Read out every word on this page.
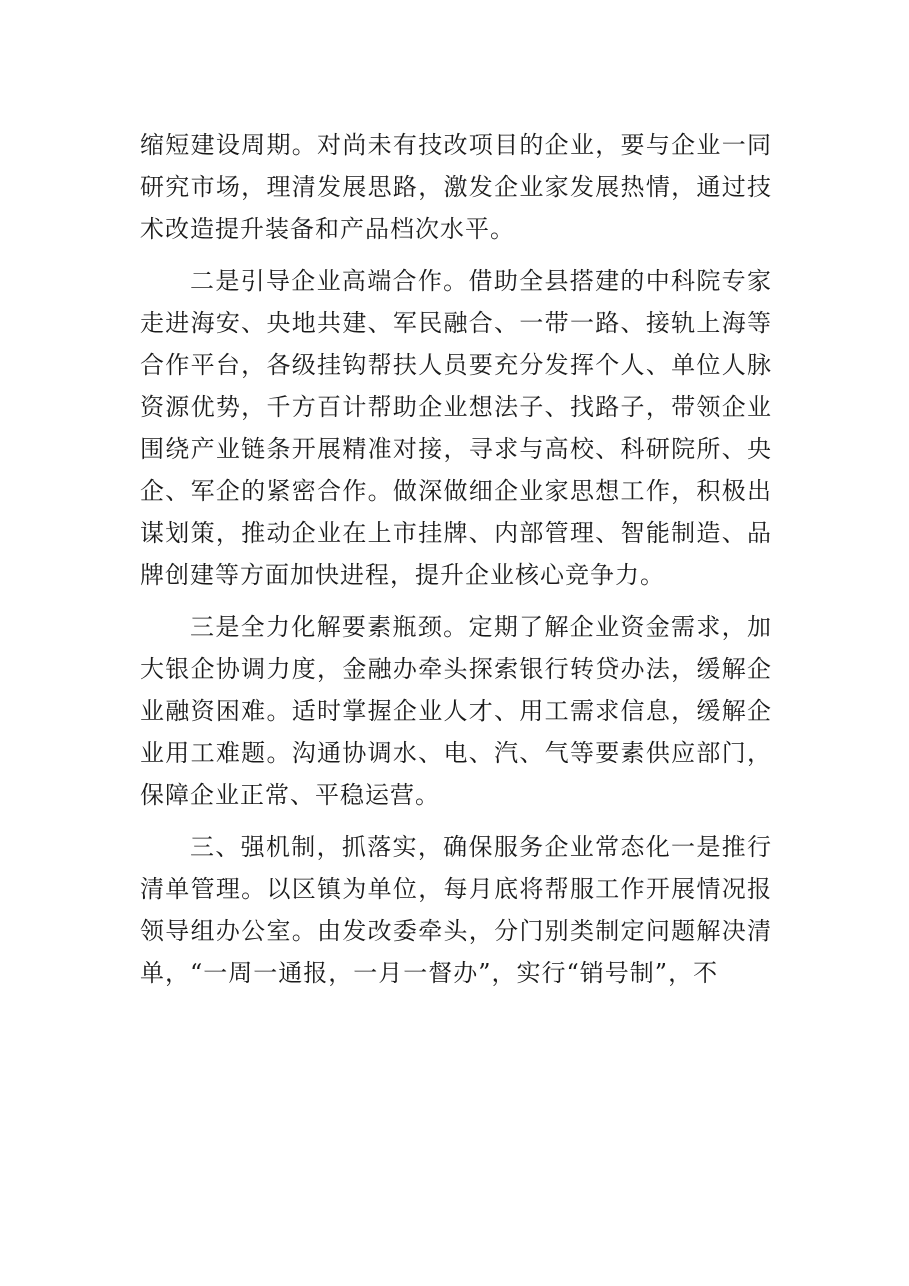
缩短建设周期。对尚未有技改项目的企业，要与企业一同研究市场，理清发展思路，激发企业家发展热情，通过技术改造提升装备和产品档次水平。

二是引导企业高端合作。借助全县搭建的中科院专家走进海安、央地共建、军民融合、一带一路、接轨上海等合作平台，各级挂钩帮扶人员要充分发挥个人、单位人脉资源优势，千方百计帮助企业想法子、找路子，带领企业围绕产业链条开展精准对接，寻求与高校、科研院所、央企、军企的紧密合作。做深做细企业家思想工作，积极出谋划策，推动企业在上市挂牌、内部管理、智能制造、品牌创建等方面加快进程，提升企业核心竞争力。

三是全力化解要素瓶颈。定期了解企业资金需求，加大银企协调力度，金融办牵头探索银行转贷办法，缓解企业融资困难。适时掌握企业人才、用工需求信息，缓解企业用工难题。沟通协调水、电、汽、气等要素供应部门，保障企业正常、平稳运营。

三、强机制，抓落实，确保服务企业常态化一是推行清单管理。以区镇为单位，每月底将帮服工作开展情况报领导组办公室。由发改委牵头，分门别类制定问题解决清单，“一周一通报，一月一督办”，实行“销号制”，不
